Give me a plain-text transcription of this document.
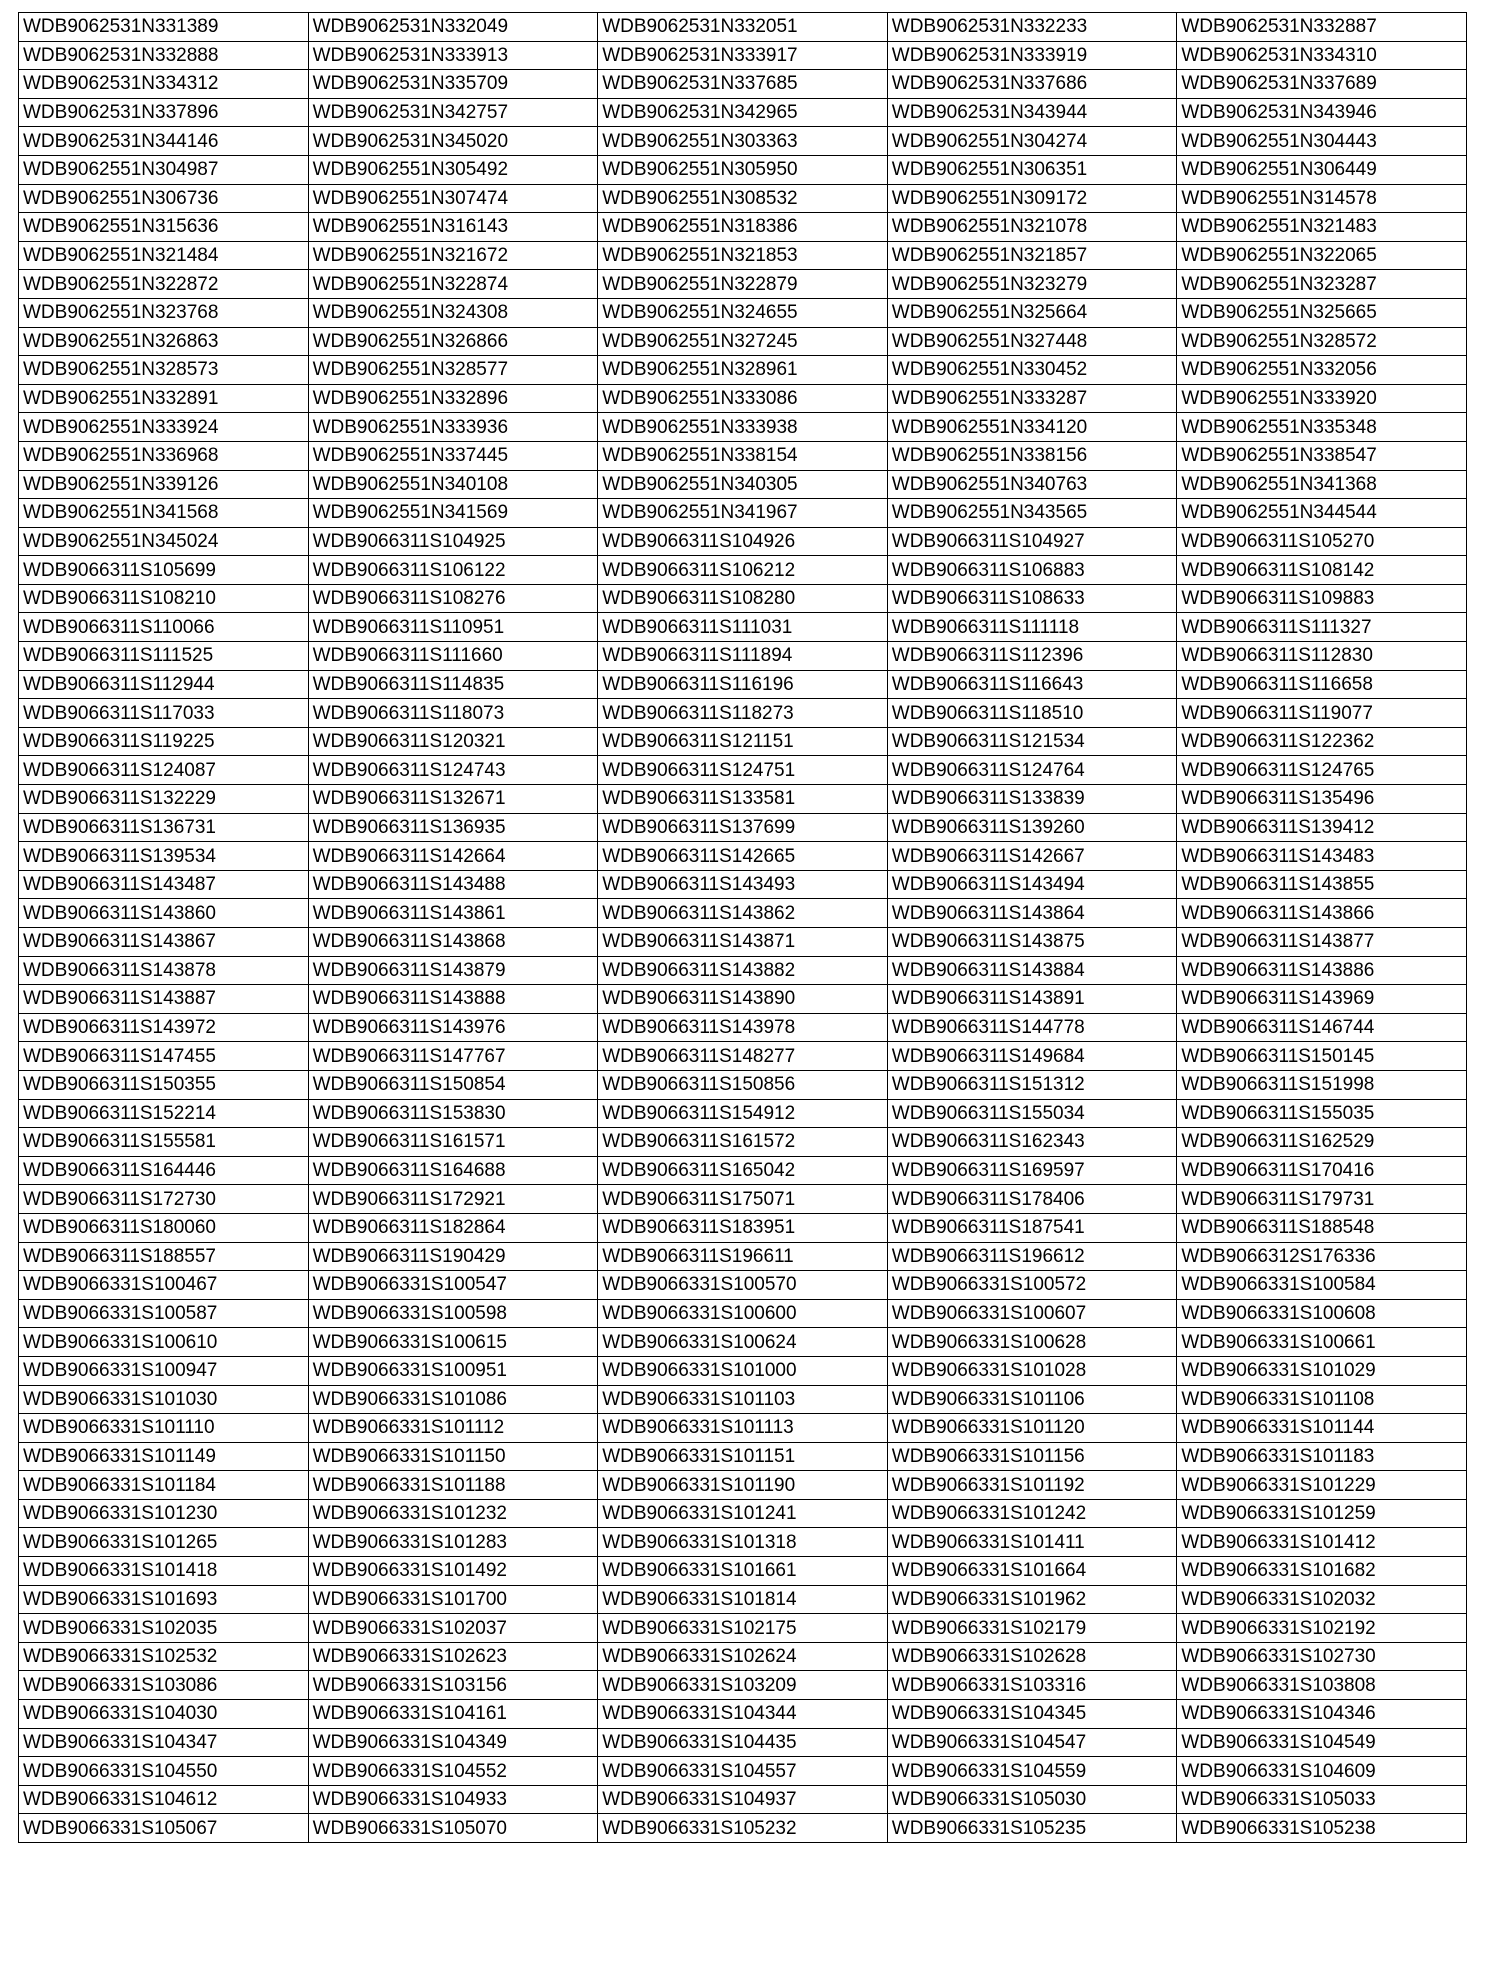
WDB9062531N331389	WDB9062531N332049	WDB9062531N332051	WDB9062531N332233	WDB9062531N332887
WDB9062531N332888	WDB9062531N333913	WDB9062531N333917	WDB9062531N333919	WDB9062531N334310
WDB9062531N334312	WDB9062531N335709	WDB9062531N337685	WDB9062531N337686	WDB9062531N337689
WDB9062531N337896	WDB9062531N342757	WDB9062531N342965	WDB9062531N343944	WDB9062531N343946
WDB9062531N344146	WDB9062531N345020	WDB9062551N303363	WDB9062551N304274	WDB9062551N304443
WDB9062551N304987	WDB9062551N305492	WDB9062551N305950	WDB9062551N306351	WDB9062551N306449
WDB9062551N306736	WDB9062551N307474	WDB9062551N308532	WDB9062551N309172	WDB9062551N314578
WDB9062551N315636	WDB9062551N316143	WDB9062551N318386	WDB9062551N321078	WDB9062551N321483
WDB9062551N321484	WDB9062551N321672	WDB9062551N321853	WDB9062551N321857	WDB9062551N322065
WDB9062551N322872	WDB9062551N322874	WDB9062551N322879	WDB9062551N323279	WDB9062551N323287
WDB9062551N323768	WDB9062551N324308	WDB9062551N324655	WDB9062551N325664	WDB9062551N325665
WDB9062551N326863	WDB9062551N326866	WDB9062551N327245	WDB9062551N327448	WDB9062551N328572
WDB9062551N328573	WDB9062551N328577	WDB9062551N328961	WDB9062551N330452	WDB9062551N332056
WDB9062551N332891	WDB9062551N332896	WDB9062551N333086	WDB9062551N333287	WDB9062551N333920
WDB9062551N333924	WDB9062551N333936	WDB9062551N333938	WDB9062551N334120	WDB9062551N335348
WDB9062551N336968	WDB9062551N337445	WDB9062551N338154	WDB9062551N338156	WDB9062551N338547
WDB9062551N339126	WDB9062551N340108	WDB9062551N340305	WDB9062551N340763	WDB9062551N341368
WDB9062551N341568	WDB9062551N341569	WDB9062551N341967	WDB9062551N343565	WDB9062551N344544
WDB9062551N345024	WDB9066311S104925	WDB9066311S104926	WDB9066311S104927	WDB9066311S105270
WDB9066311S105699	WDB9066311S106122	WDB9066311S106212	WDB9066311S106883	WDB9066311S108142
WDB9066311S108210	WDB9066311S108276	WDB9066311S108280	WDB9066311S108633	WDB9066311S109883
WDB9066311S110066	WDB9066311S110951	WDB9066311S111031	WDB9066311S111118	WDB9066311S111327
WDB9066311S111525	WDB9066311S111660	WDB9066311S111894	WDB9066311S112396	WDB9066311S112830
WDB9066311S112944	WDB9066311S114835	WDB9066311S116196	WDB9066311S116643	WDB9066311S116658
WDB9066311S117033	WDB9066311S118073	WDB9066311S118273	WDB9066311S118510	WDB9066311S119077
WDB9066311S119225	WDB9066311S120321	WDB9066311S121151	WDB9066311S121534	WDB9066311S122362
WDB9066311S124087	WDB9066311S124743	WDB9066311S124751	WDB9066311S124764	WDB9066311S124765
WDB9066311S132229	WDB9066311S132671	WDB9066311S133581	WDB9066311S133839	WDB9066311S135496
WDB9066311S136731	WDB9066311S136935	WDB9066311S137699	WDB9066311S139260	WDB9066311S139412
WDB9066311S139534	WDB9066311S142664	WDB9066311S142665	WDB9066311S142667	WDB9066311S143483
WDB9066311S143487	WDB9066311S143488	WDB9066311S143493	WDB9066311S143494	WDB9066311S143855
WDB9066311S143860	WDB9066311S143861	WDB9066311S143862	WDB9066311S143864	WDB9066311S143866
WDB9066311S143867	WDB9066311S143868	WDB9066311S143871	WDB9066311S143875	WDB9066311S143877
WDB9066311S143878	WDB9066311S143879	WDB9066311S143882	WDB9066311S143884	WDB9066311S143886
WDB9066311S143887	WDB9066311S143888	WDB9066311S143890	WDB9066311S143891	WDB9066311S143969
WDB9066311S143972	WDB9066311S143976	WDB9066311S143978	WDB9066311S144778	WDB9066311S146744
WDB9066311S147455	WDB9066311S147767	WDB9066311S148277	WDB9066311S149684	WDB9066311S150145
WDB9066311S150355	WDB9066311S150854	WDB9066311S150856	WDB9066311S151312	WDB9066311S151998
WDB9066311S152214	WDB9066311S153830	WDB9066311S154912	WDB9066311S155034	WDB9066311S155035
WDB9066311S155581	WDB9066311S161571	WDB9066311S161572	WDB9066311S162343	WDB9066311S162529
WDB9066311S164446	WDB9066311S164688	WDB9066311S165042	WDB9066311S169597	WDB9066311S170416
WDB9066311S172730	WDB9066311S172921	WDB9066311S175071	WDB9066311S178406	WDB9066311S179731
WDB9066311S180060	WDB9066311S182864	WDB9066311S183951	WDB9066311S187541	WDB9066311S188548
WDB9066311S188557	WDB9066311S190429	WDB9066311S196611	WDB9066311S196612	WDB9066312S176336
WDB9066331S100467	WDB9066331S100547	WDB9066331S100570	WDB9066331S100572	WDB9066331S100584
WDB9066331S100587	WDB9066331S100598	WDB9066331S100600	WDB9066331S100607	WDB9066331S100608
WDB9066331S100610	WDB9066331S100615	WDB9066331S100624	WDB9066331S100628	WDB9066331S100661
WDB9066331S100947	WDB9066331S100951	WDB9066331S101000	WDB9066331S101028	WDB9066331S101029
WDB9066331S101030	WDB9066331S101086	WDB9066331S101103	WDB9066331S101106	WDB9066331S101108
WDB9066331S101110	WDB9066331S101112	WDB9066331S101113	WDB9066331S101120	WDB9066331S101144
WDB9066331S101149	WDB9066331S101150	WDB9066331S101151	WDB9066331S101156	WDB9066331S101183
WDB9066331S101184	WDB9066331S101188	WDB9066331S101190	WDB9066331S101192	WDB9066331S101229
WDB9066331S101230	WDB9066331S101232	WDB9066331S101241	WDB9066331S101242	WDB9066331S101259
WDB9066331S101265	WDB9066331S101283	WDB9066331S101318	WDB9066331S101411	WDB9066331S101412
WDB9066331S101418	WDB9066331S101492	WDB9066331S101661	WDB9066331S101664	WDB9066331S101682
WDB9066331S101693	WDB9066331S101700	WDB9066331S101814	WDB9066331S101962	WDB9066331S102032
WDB9066331S102035	WDB9066331S102037	WDB9066331S102175	WDB9066331S102179	WDB9066331S102192
WDB9066331S102532	WDB9066331S102623	WDB9066331S102624	WDB9066331S102628	WDB9066331S102730
WDB9066331S103086	WDB9066331S103156	WDB9066331S103209	WDB9066331S103316	WDB9066331S103808
WDB9066331S104030	WDB9066331S104161	WDB9066331S104344	WDB9066331S104345	WDB9066331S104346
WDB9066331S104347	WDB9066331S104349	WDB9066331S104435	WDB9066331S104547	WDB9066331S104549
WDB9066331S104550	WDB9066331S104552	WDB9066331S104557	WDB9066331S104559	WDB9066331S104609
WDB9066331S104612	WDB9066331S104933	WDB9066331S104937	WDB9066331S105030	WDB9066331S105033
WDB9066331S105067	WDB9066331S105070	WDB9066331S105232	WDB9066331S105235	WDB9066331S105238
